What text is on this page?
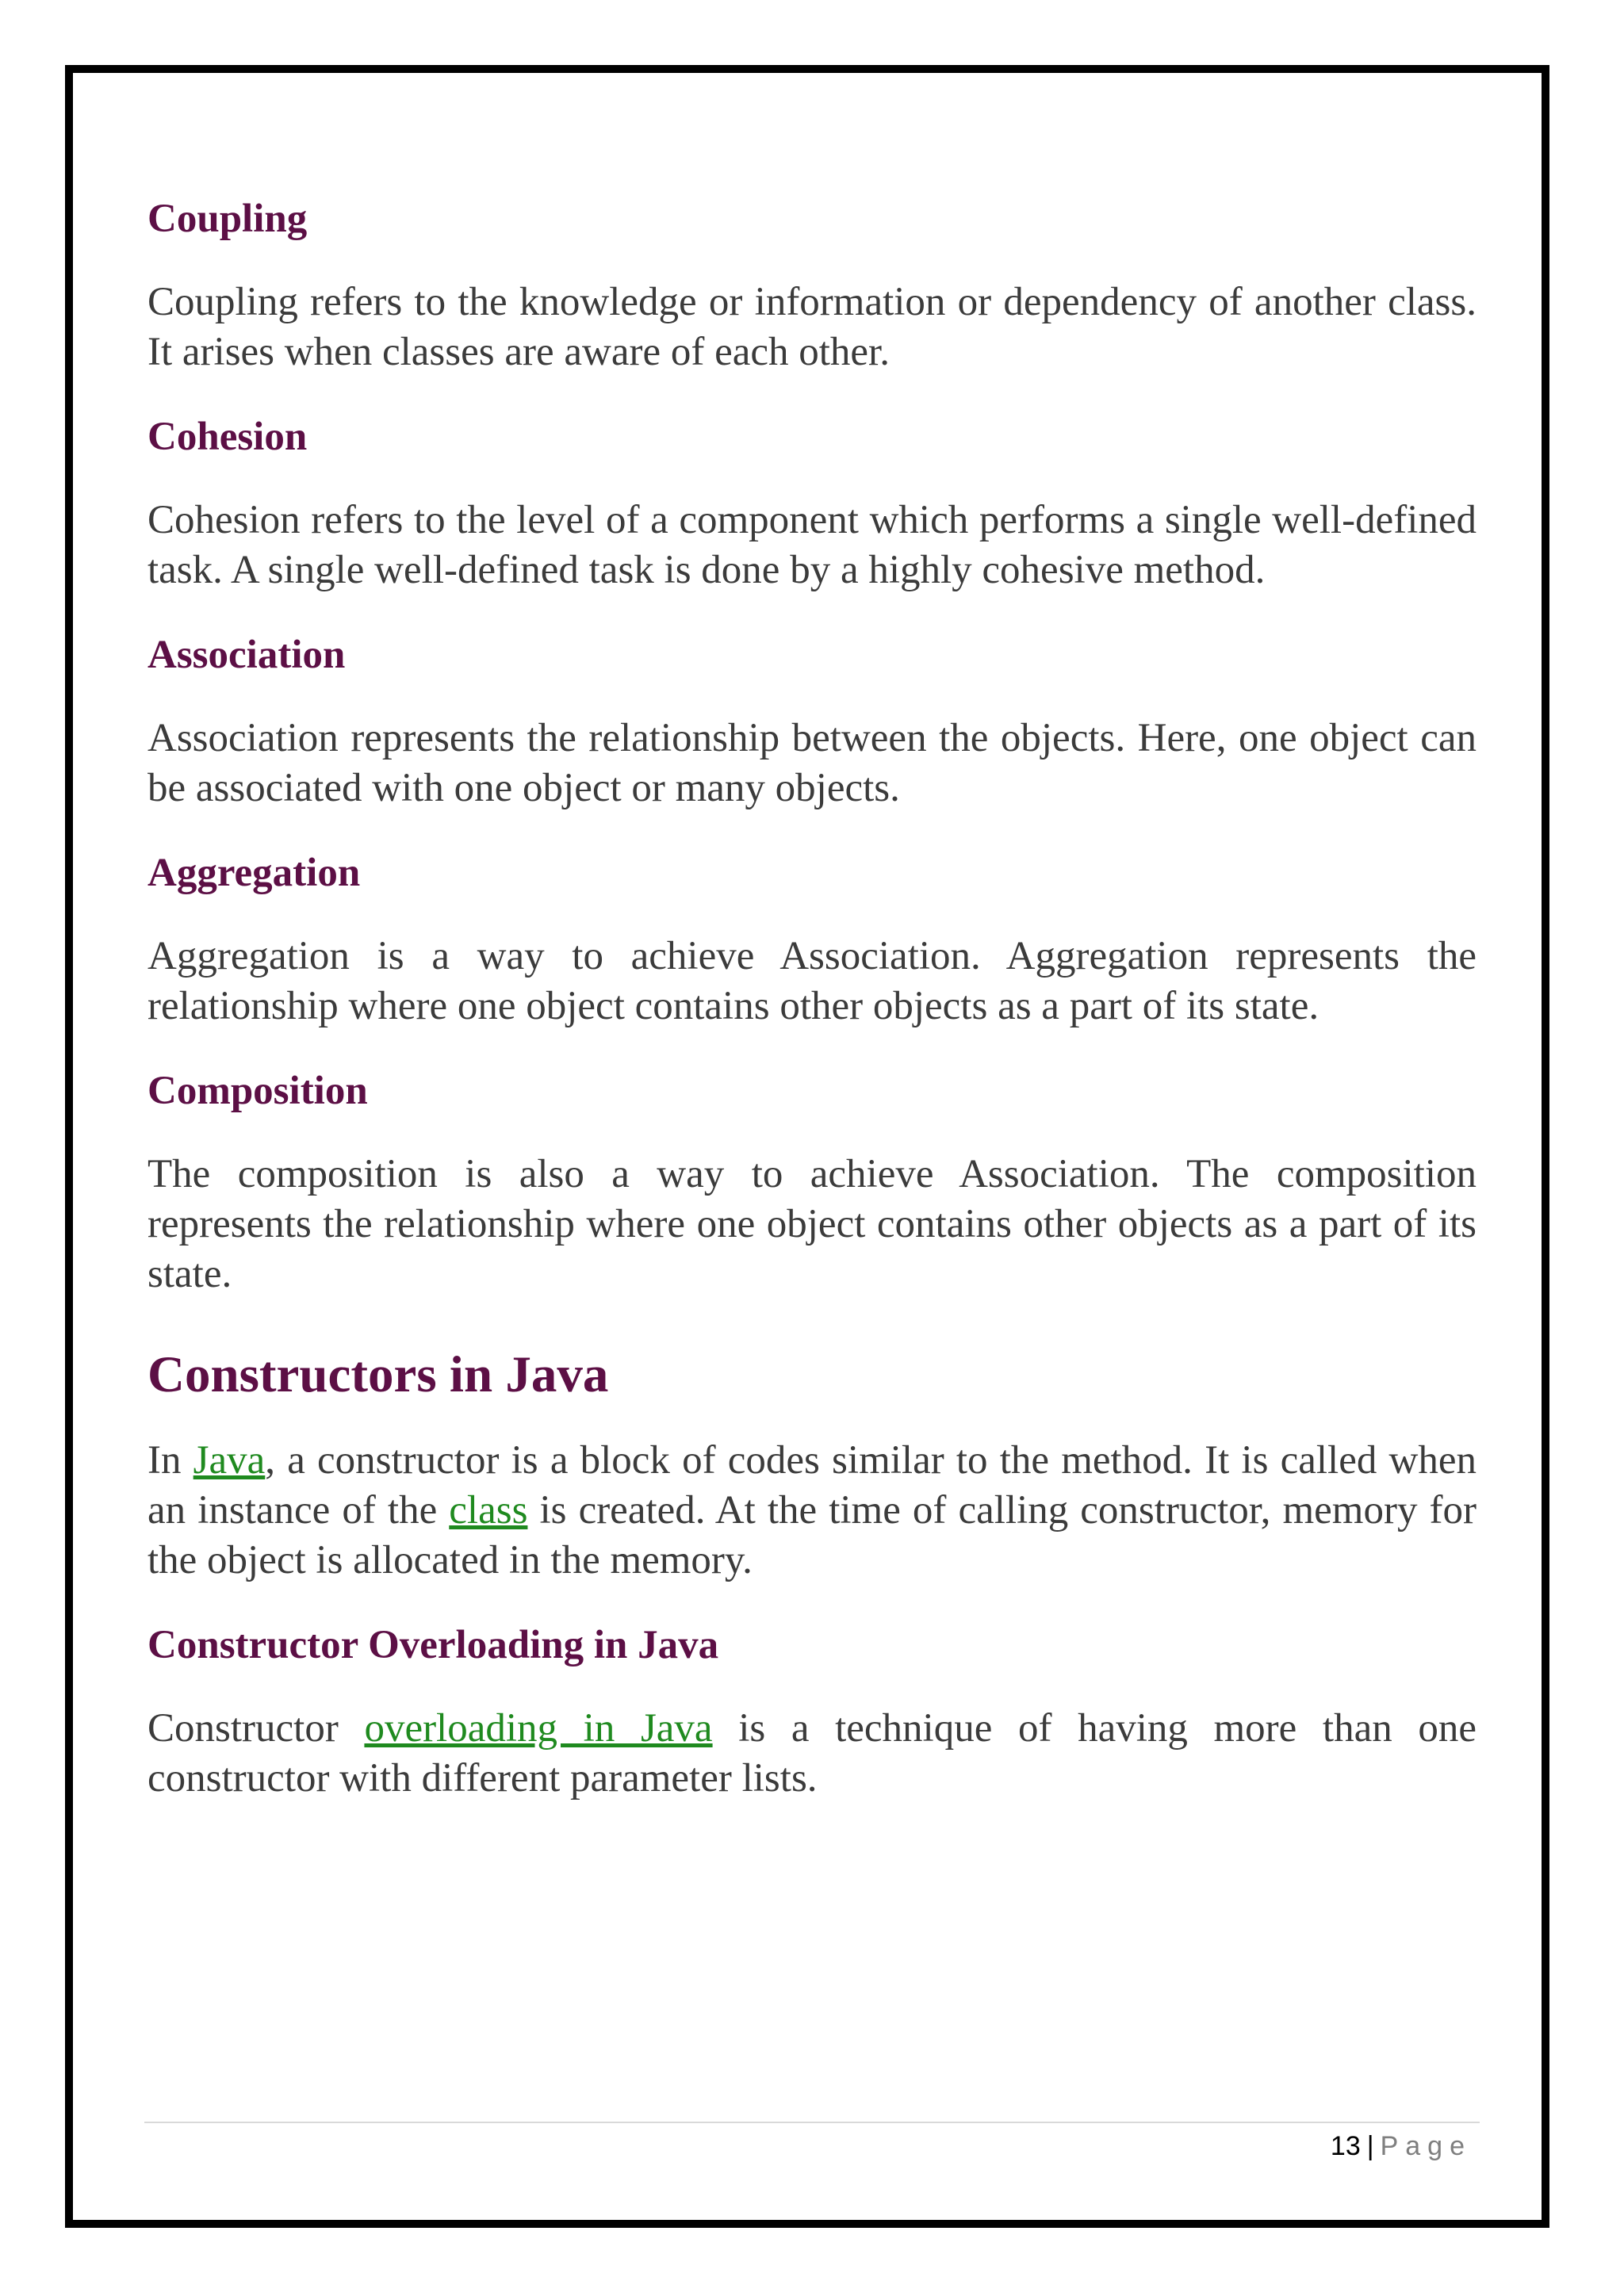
Coupling

Coupling refers to the knowledge or information or dependency of another class. It arises when classes are aware of each other.

Cohesion

Cohesion refers to the level of a component which performs a single well-defined task. A single well-defined task is done by a highly cohesive method.

Association

Association represents the relationship between the objects. Here, one object can be associated with one object or many objects.

Aggregation

Aggregation is a way to achieve Association. Aggregation represents the relationship where one object contains other objects as a part of its state.

Composition

The composition is also a way to achieve Association. The composition represents the relationship where one object contains other objects as a part of its state.

Constructors in Java

In Java, a constructor is a block of codes similar to the method. It is called when an instance of the class is created. At the time of calling constructor, memory for the object is allocated in the memory.

Constructor Overloading in Java

Constructor overloading in Java is a technique of having more than one constructor with different parameter lists.

13 | Page
